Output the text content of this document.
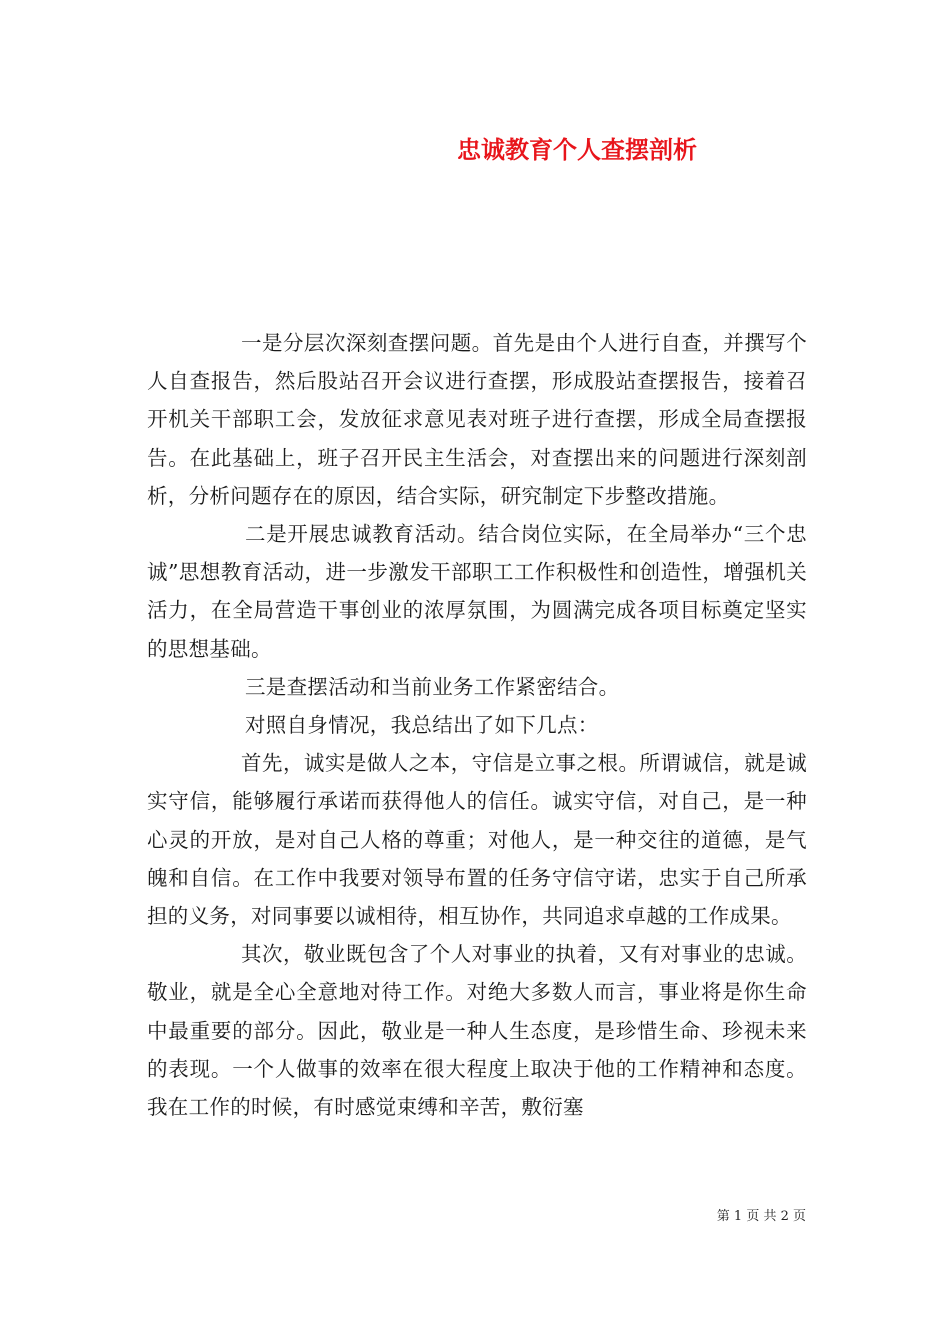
忠诚教育个人查摆剖析

一是分层次深刻查摆问题。首先是由个人进行自查，并撰写个人自查报告，然后股站召开会议进行查摆，形成股站查摆报告，接着召开机关干部职工会，发放征求意见表对班子进行查摆，形成全局查摆报告。在此基础上，班子召开民主生活会，对查摆出来的问题进行深刻剖析，分析问题存在的原因，结合实际，研究制定下步整改措施。

二是开展忠诚教育活动。结合岗位实际，在全局举办“三个忠诚”思想教育活动，进一步激发干部职工工作积极性和创造性，增强机关活力，在全局营造干事创业的浓厚氛围，为圆满完成各项目标奠定坚实的思想基础。

三是查摆活动和当前业务工作紧密结合。

对照自身情况，我总结出了如下几点：

首先，诚实是做人之本，守信是立事之根。所谓诚信，就是诚实守信，能够履行承诺而获得他人的信任。诚实守信，对自己，是一种心灵的开放，是对自己人格的尊重；对他人，是一种交往的道德，是气魄和自信。在工作中我要对领导布置的任务守信守诺，忠实于自己所承担的义务，对同事要以诚相待，相互协作，共同追求卓越的工作成果。

其次，敬业既包含了个人对事业的执着，又有对事业的忠诚。敬业，就是全心全意地对待工作。对绝大多数人而言，事业将是你生命中最重要的部分。因此，敬业是一种人生态度，是珍惜生命、珍视未来的表现。一个人做事的效率在很大程度上取决于他的工作精神和态度。我在工作的时候，有时感觉束缚和辛苦，敷衍塞

第 1 页 共 2 页
